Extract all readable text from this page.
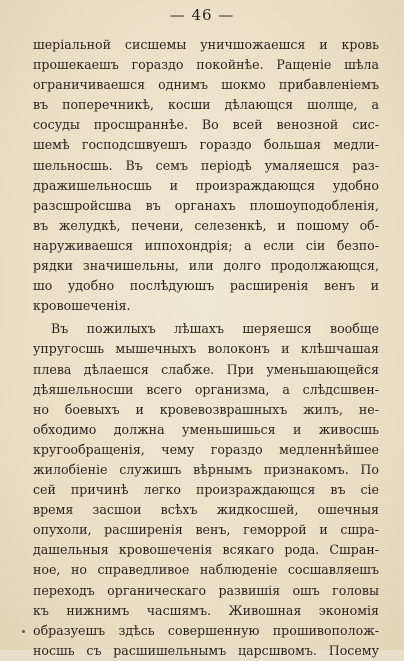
— 46 —
шеріальной сисшемы уничшожаешся и кровь
прошекаешъ гораздо покойнѣе. Ращеніе шѣла
ограничиваешся однимъ шокмо прибавленіемъ
въ поперечникѣ, косши дѣлающся шолще, а
сосуды просшраннѣе. Во всей венозной сис-
шемѣ господсшвуешъ гораздо большая медли-
шельносшь. Въ семъ періодѣ умаляешся раз-
дражишельносшь и произраждающся удобно
разсшройсшва въ органахъ плошоуподобленія,
въ желудкѣ, печени, селезенкѣ, и пошому об-
наруживаешся иппохондрія; а если сіи безпо-
рядки значишельны, или долго продолжающся,
шо удобно послѣдуюшъ расширенія венъ и
кровошеченія.
Въ пожилыхъ лѣшахъ шеряешся вообще
упругосшь мышечныхъ волоконъ и клѣшчашая
плева дѣлаешся слабже. При уменьшающейся
дѣяшельносши всего организма, а слѣдсшвен-
но боевыхъ и кровевозврашныхъ жилъ, не-
обходимо должна уменьшишься и живосшь
кругообращенія, чему гораздо медленнѣйшее
жилобіеніе служишъ вѣрнымъ признакомъ. По
сей причинѣ легко произраждающся въ сіе
время засшои всѣхъ жидкосшей, ошечныя
опухоли, расширенія венъ, геморрой и сшра-
дашельныя кровошеченія всякаго рода. Сшран-
ное, но справедливое наблюденіе сосшавляешъ
переходъ органическаго развишія ошъ головы
къ нижнимъ часшямъ. Живошная экономія
образуешъ здѣсь совершенную прошивополож-
носшь съ расшишельнымъ царсшвомъ. Посему
